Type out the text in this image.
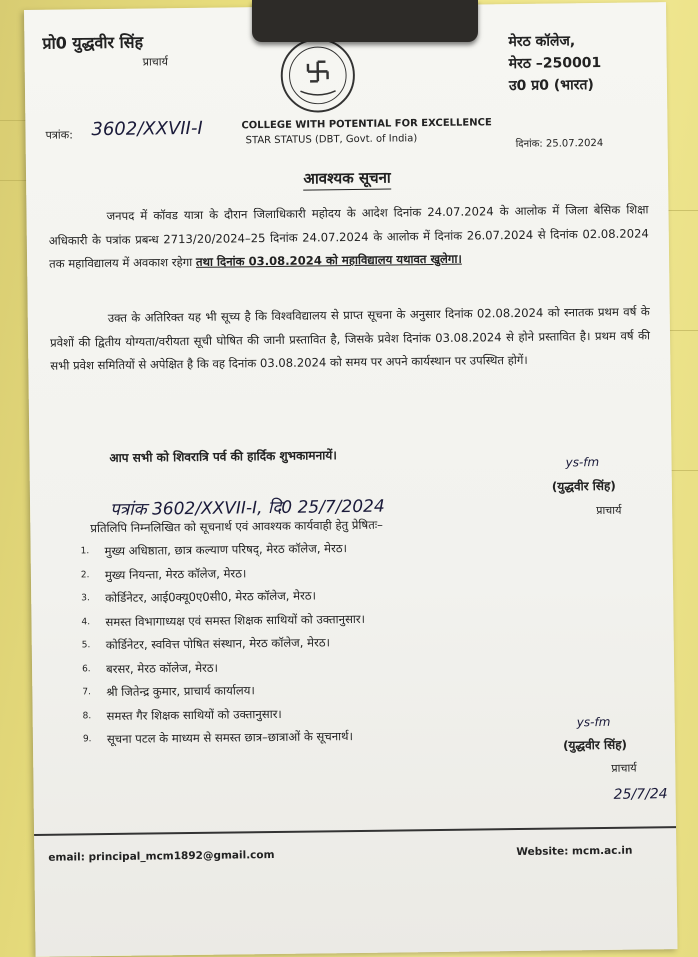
प्रो0 युद्धवीर सिंह
प्राचार्य
मेरठ कॉलेज,
मेरठ –250001
उ0 प्र0 (भारत)
पत्रांक: 3602/XXVII-I	COLLEGE WITH POTENTIAL FOR EXCELLENCE
STAR STATUS (DBT, Govt. of India)	दिनांक: 25.07.2024
आवश्यक सूचना

जनपद में कॉवड यात्रा के दौरान जिलाधिकारी महोदय के आदेश दिनांक 24.07.2024 के आलोक में जिला बेसिक शिक्षा अधिकारी के पत्रांक प्रबन्ध 2713/20/2024–25 दिनांक 24.07.2024 के आलोक में दिनांक 26.07.2024 से दिनांक 02.08.2024 तक महाविद्यालय में अवकाश रहेगा तथा दिनांक 03.08.2024 को महाविद्यालय यथावत खुलेगा।

उक्त के अतिरिक्त यह भी सूच्य है कि विश्वविद्यालय से प्राप्त सूचना के अनुसार दिनांक 02.08.2024 को स्नातक प्रथम वर्ष के प्रवेशों की द्वितीय योग्यता/वरीयता सूची घोषित की जानी प्रस्तावित है, जिसके प्रवेश दिनांक 03.08.2024 से होने प्रस्तावित है। प्रथम वर्ष की सभी प्रवेश समितियों से अपेक्षित है कि वह दिनांक 03.08.2024 को समय पर अपने कार्यस्थान पर उपस्थित होगें।

आप सभी को शिवरात्रि पर्व की हार्दिक शुभकामनायें।	ys-fm
(युद्धवीर सिंह)
प्राचार्य
पत्रांक 3602/XXVII-I, दि0 25/7/2024
प्रतिलिपि निम्नलिखित को सूचनार्थ एवं आवश्यक कार्यवाही हेतु प्रेषितः–
1. मुख्य अधिष्ठाता, छात्र कल्याण परिषद्, मेरठ कॉलेज, मेरठ।
2. मुख्य नियन्ता, मेरठ कॉलेज, मेरठ।
3. कोर्डिनेटर, आई0क्यू0ए0सी0, मेरठ कॉलेज, मेरठ।
4. समस्त विभागाध्यक्ष एवं समस्त शिक्षक साथियों को उक्तानुसार।
5. कोर्डिनेटर, स्ववित्त पोषित संस्थान, मेरठ कॉलेज, मेरठ।
6. बरसर, मेरठ कॉलेज, मेरठ।
7. श्री जितेन्द्र कुमार, प्राचार्य कार्यालय।
8. समस्त गैर शिक्षक साथियों को उक्तानुसार।
9. सूचना पटल के माध्यम से समस्त छात्र–छात्राओं के सूचनार्थ।
ys-fm
(युद्धवीर सिंह)
प्राचार्य
25/7/24
email: principal_mcm1892@gmail.com	Website: mcm.ac.in
